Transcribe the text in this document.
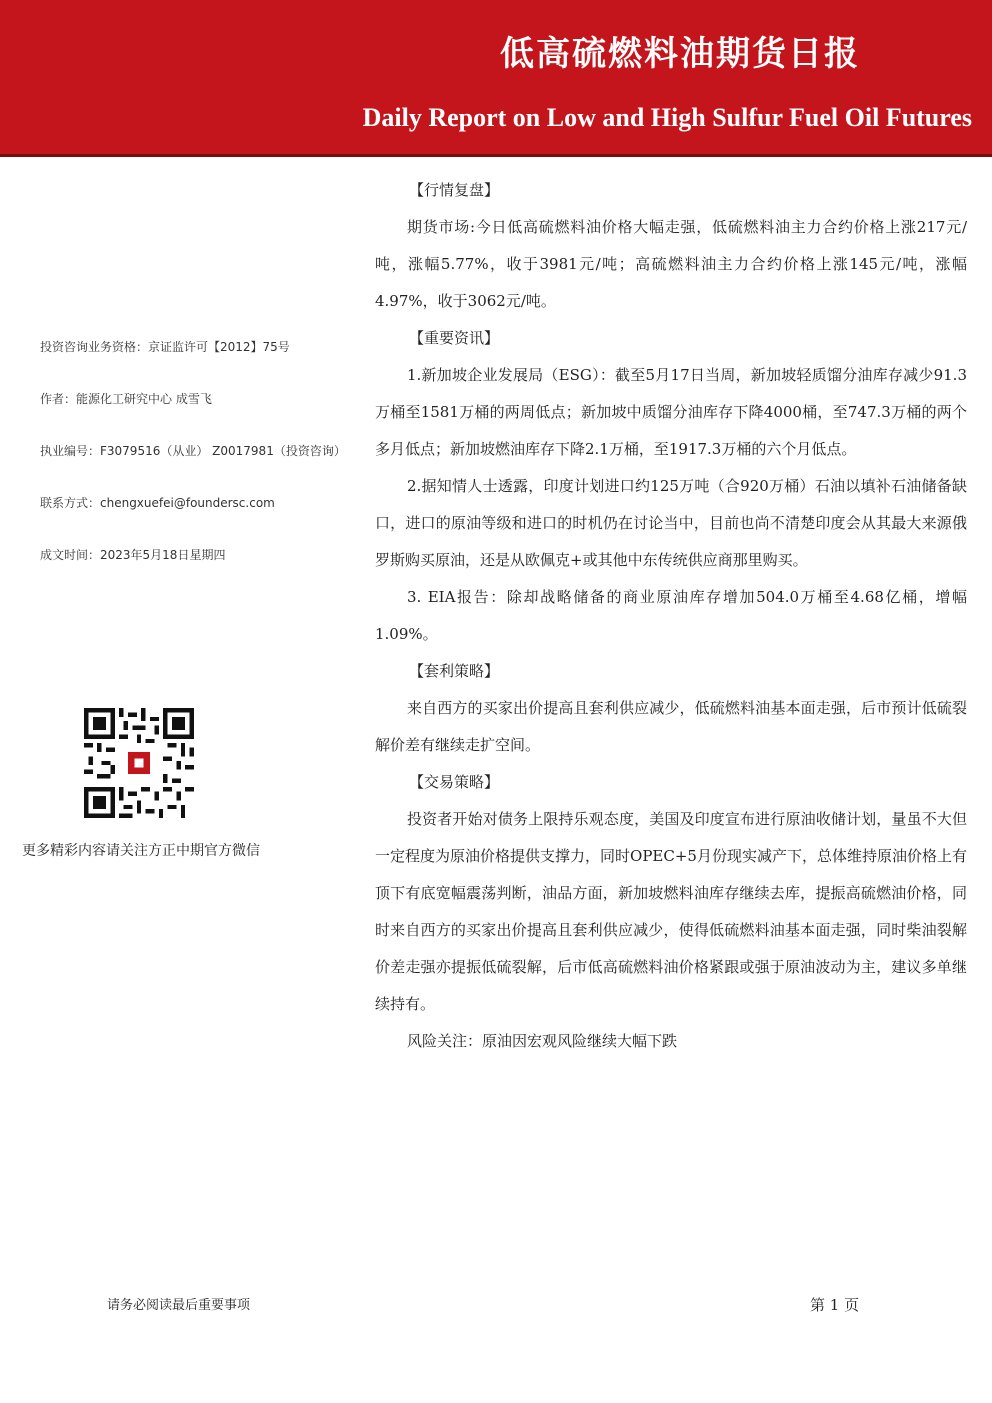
低高硫燃料油期货日报
Daily Report on Low and High Sulfur Fuel Oil Futures
投资咨询业务资格：京证监许可【2012】75号
作者：能源化工研究中心 成雪飞
执业编号：F3079516（从业） Z0017981（投资咨询）
联系方式：chengxuefei@foundersc.com
成文时间：2023年5月18日星期四
更多精彩内容请关注方正中期官方微信
【行情复盘】

期货市场:今日低高硫燃料油价格大幅走强，低硫燃料油主力合约价格上涨217元/吨，涨幅5.77%，收于3981元/吨；高硫燃料油主力合约价格上涨145元/吨，涨幅4.97%，收于3062元/吨。

【重要资讯】

1.新加坡企业发展局（ESG）：截至5月17日当周，新加坡轻质馏分油库存减少91.3万桶至1581万桶的两周低点；新加坡中质馏分油库存下降4000桶，至747.3万桶的两个多月低点；新加坡燃油库存下降2.1万桶，至1917.3万桶的六个月低点。

2.据知情人士透露，印度计划进口约125万吨（合920万桶）石油以填补石油储备缺口，进口的原油等级和进口的时机仍在讨论当中，目前也尚不清楚印度会从其最大来源俄罗斯购买原油，还是从欧佩克+或其他中东传统供应商那里购买。

3. EIA报告：除却战略储备的商业原油库存增加504.0万桶至4.68亿桶，增幅1.09%。

【套利策略】

来自西方的买家出价提高且套利供应减少，低硫燃料油基本面走强，后市预计低硫裂解价差有继续走扩空间。

【交易策略】

投资者开始对债务上限持乐观态度，美国及印度宣布进行原油收储计划，量虽不大但一定程度为原油价格提供支撑力，同时OPEC+5月份现实减产下，总体维持原油价格上有顶下有底宽幅震荡判断，油品方面，新加坡燃料油库存继续去库，提振高硫燃油价格，同时来自西方的买家出价提高且套利供应减少，使得低硫燃料油基本面走强，同时柴油裂解价差走强亦提振低硫裂解，后市低高硫燃料油价格紧跟或强于原油波动为主，建议多单继续持有。

风险关注：原油因宏观风险继续大幅下跌

请务必阅读最后重要事项	第 1 页
